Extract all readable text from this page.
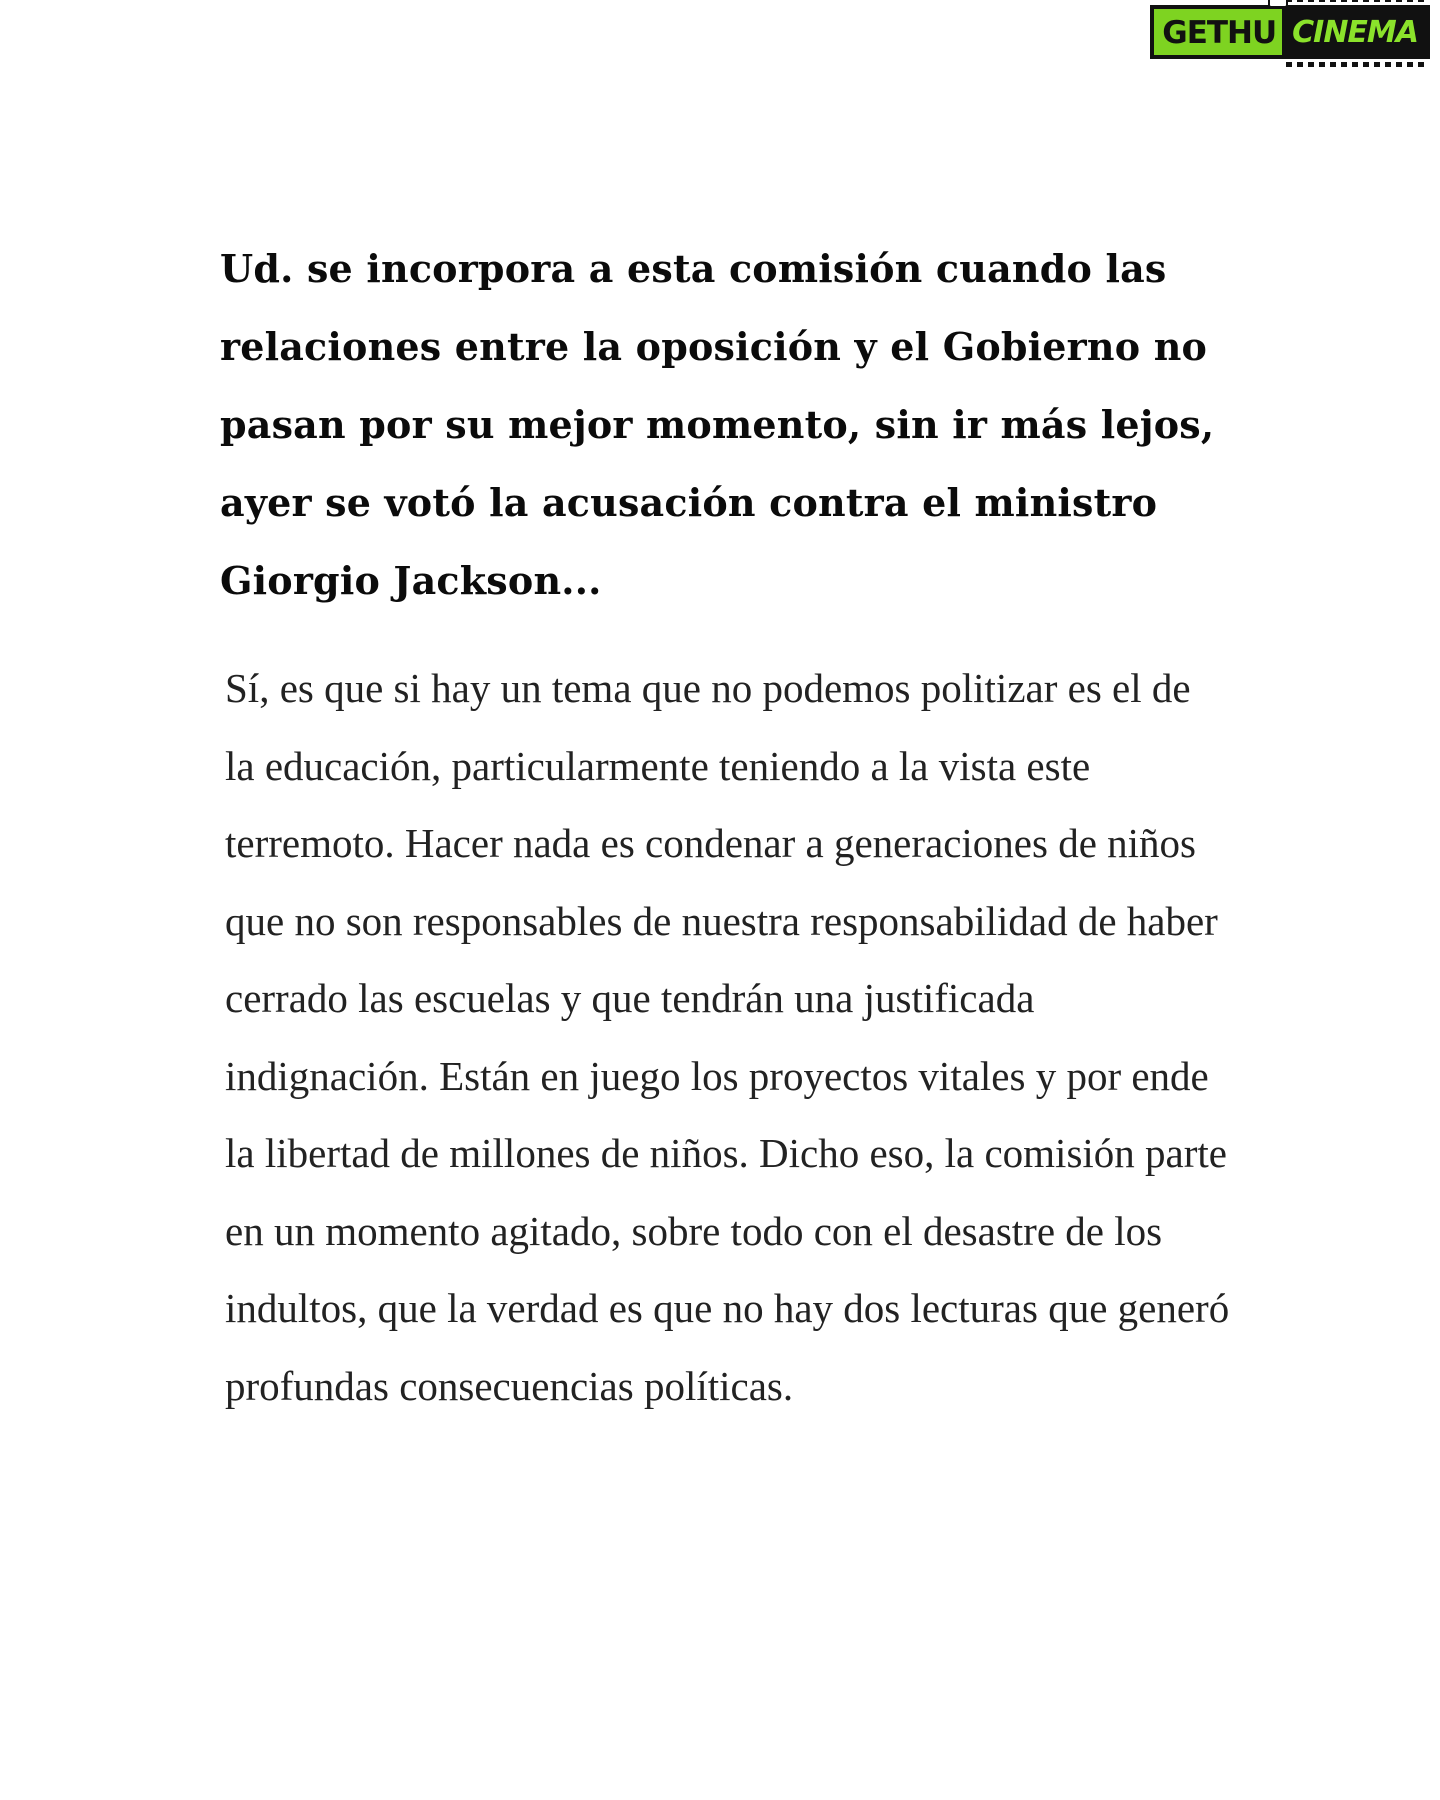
GETHU CINEMA

Ud. se incorpora a esta comisión cuando las relaciones entre la oposición y el Gobierno no pasan por su mejor momento, sin ir más lejos, ayer se votó la acusación contra el ministro Giorgio Jackson...

Sí, es que si hay un tema que no podemos politizar es el de la educación, particularmente teniendo a la vista este terremoto. Hacer nada es condenar a generaciones de niños que no son responsables de nuestra responsabilidad de haber cerrado las escuelas y que tendrán una justificada indignación. Están en juego los proyectos vitales y por ende la libertad de millones de niños. Dicho eso, la comisión parte en un momento agitado, sobre todo con el desastre de los indultos, que la verdad es que no hay dos lecturas que generó profundas consecuencias políticas.
